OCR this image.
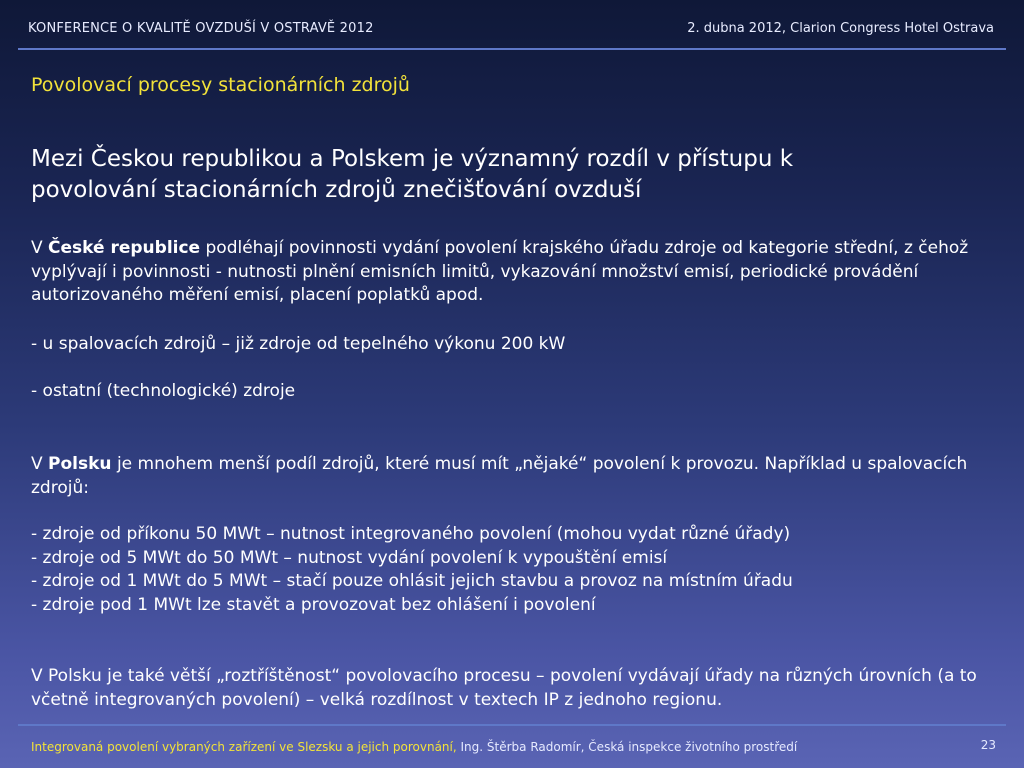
KONFERENCE O KVALITĚ OVZDUŠÍ V OSTRAVĚ 2012	2. dubna 2012, Clarion Congress Hotel Ostrava
Povolovací procesy stacionárních zdrojů
Mezi Českou republikou a Polskem je významný rozdíl v přístupu k
povolování stacionárních zdrojů znečišťování ovzduší
V České republice podléhají povinnosti vydání povolení krajského úřadu zdroje od kategorie střední, z čehož vyplývají i povinnosti - nutnosti plnění emisních limitů, vykazování množství emisí, periodické provádění autorizovaného měření emisí, placení poplatků apod.
- u spalovacích zdrojů – již zdroje od tepelného výkonu 200 kW
- ostatní (technologické) zdroje
V Polsku je mnohem menší podíl zdrojů, které musí mít „nějaké“ povolení k provozu. Například u spalovacích zdrojů:
- zdroje od příkonu 50 MWt – nutnost integrovaného povolení (mohou vydat různé úřady)
- zdroje od 5 MWt do 50 MWt – nutnost vydání povolení k vypouštění emisí
- zdroje od 1 MWt do 5 MWt – stačí pouze ohlásit jejich stavbu a provoz na místním úřadu
- zdroje pod 1 MWt lze stavět a provozovat bez ohlášení i povolení
V Polsku je také větší „roztříštěnost“ povolovacího procesu – povolení vydávají úřady na různých úrovních (a to včetně integrovaných povolení) – velká rozdílnost v textech IP z jednoho regionu.
Integrovaná povolení vybraných zařízení ve Slezsku a jejich porovnání, Ing. Štěrba Radomír, Česká inspekce životního prostředí	23
